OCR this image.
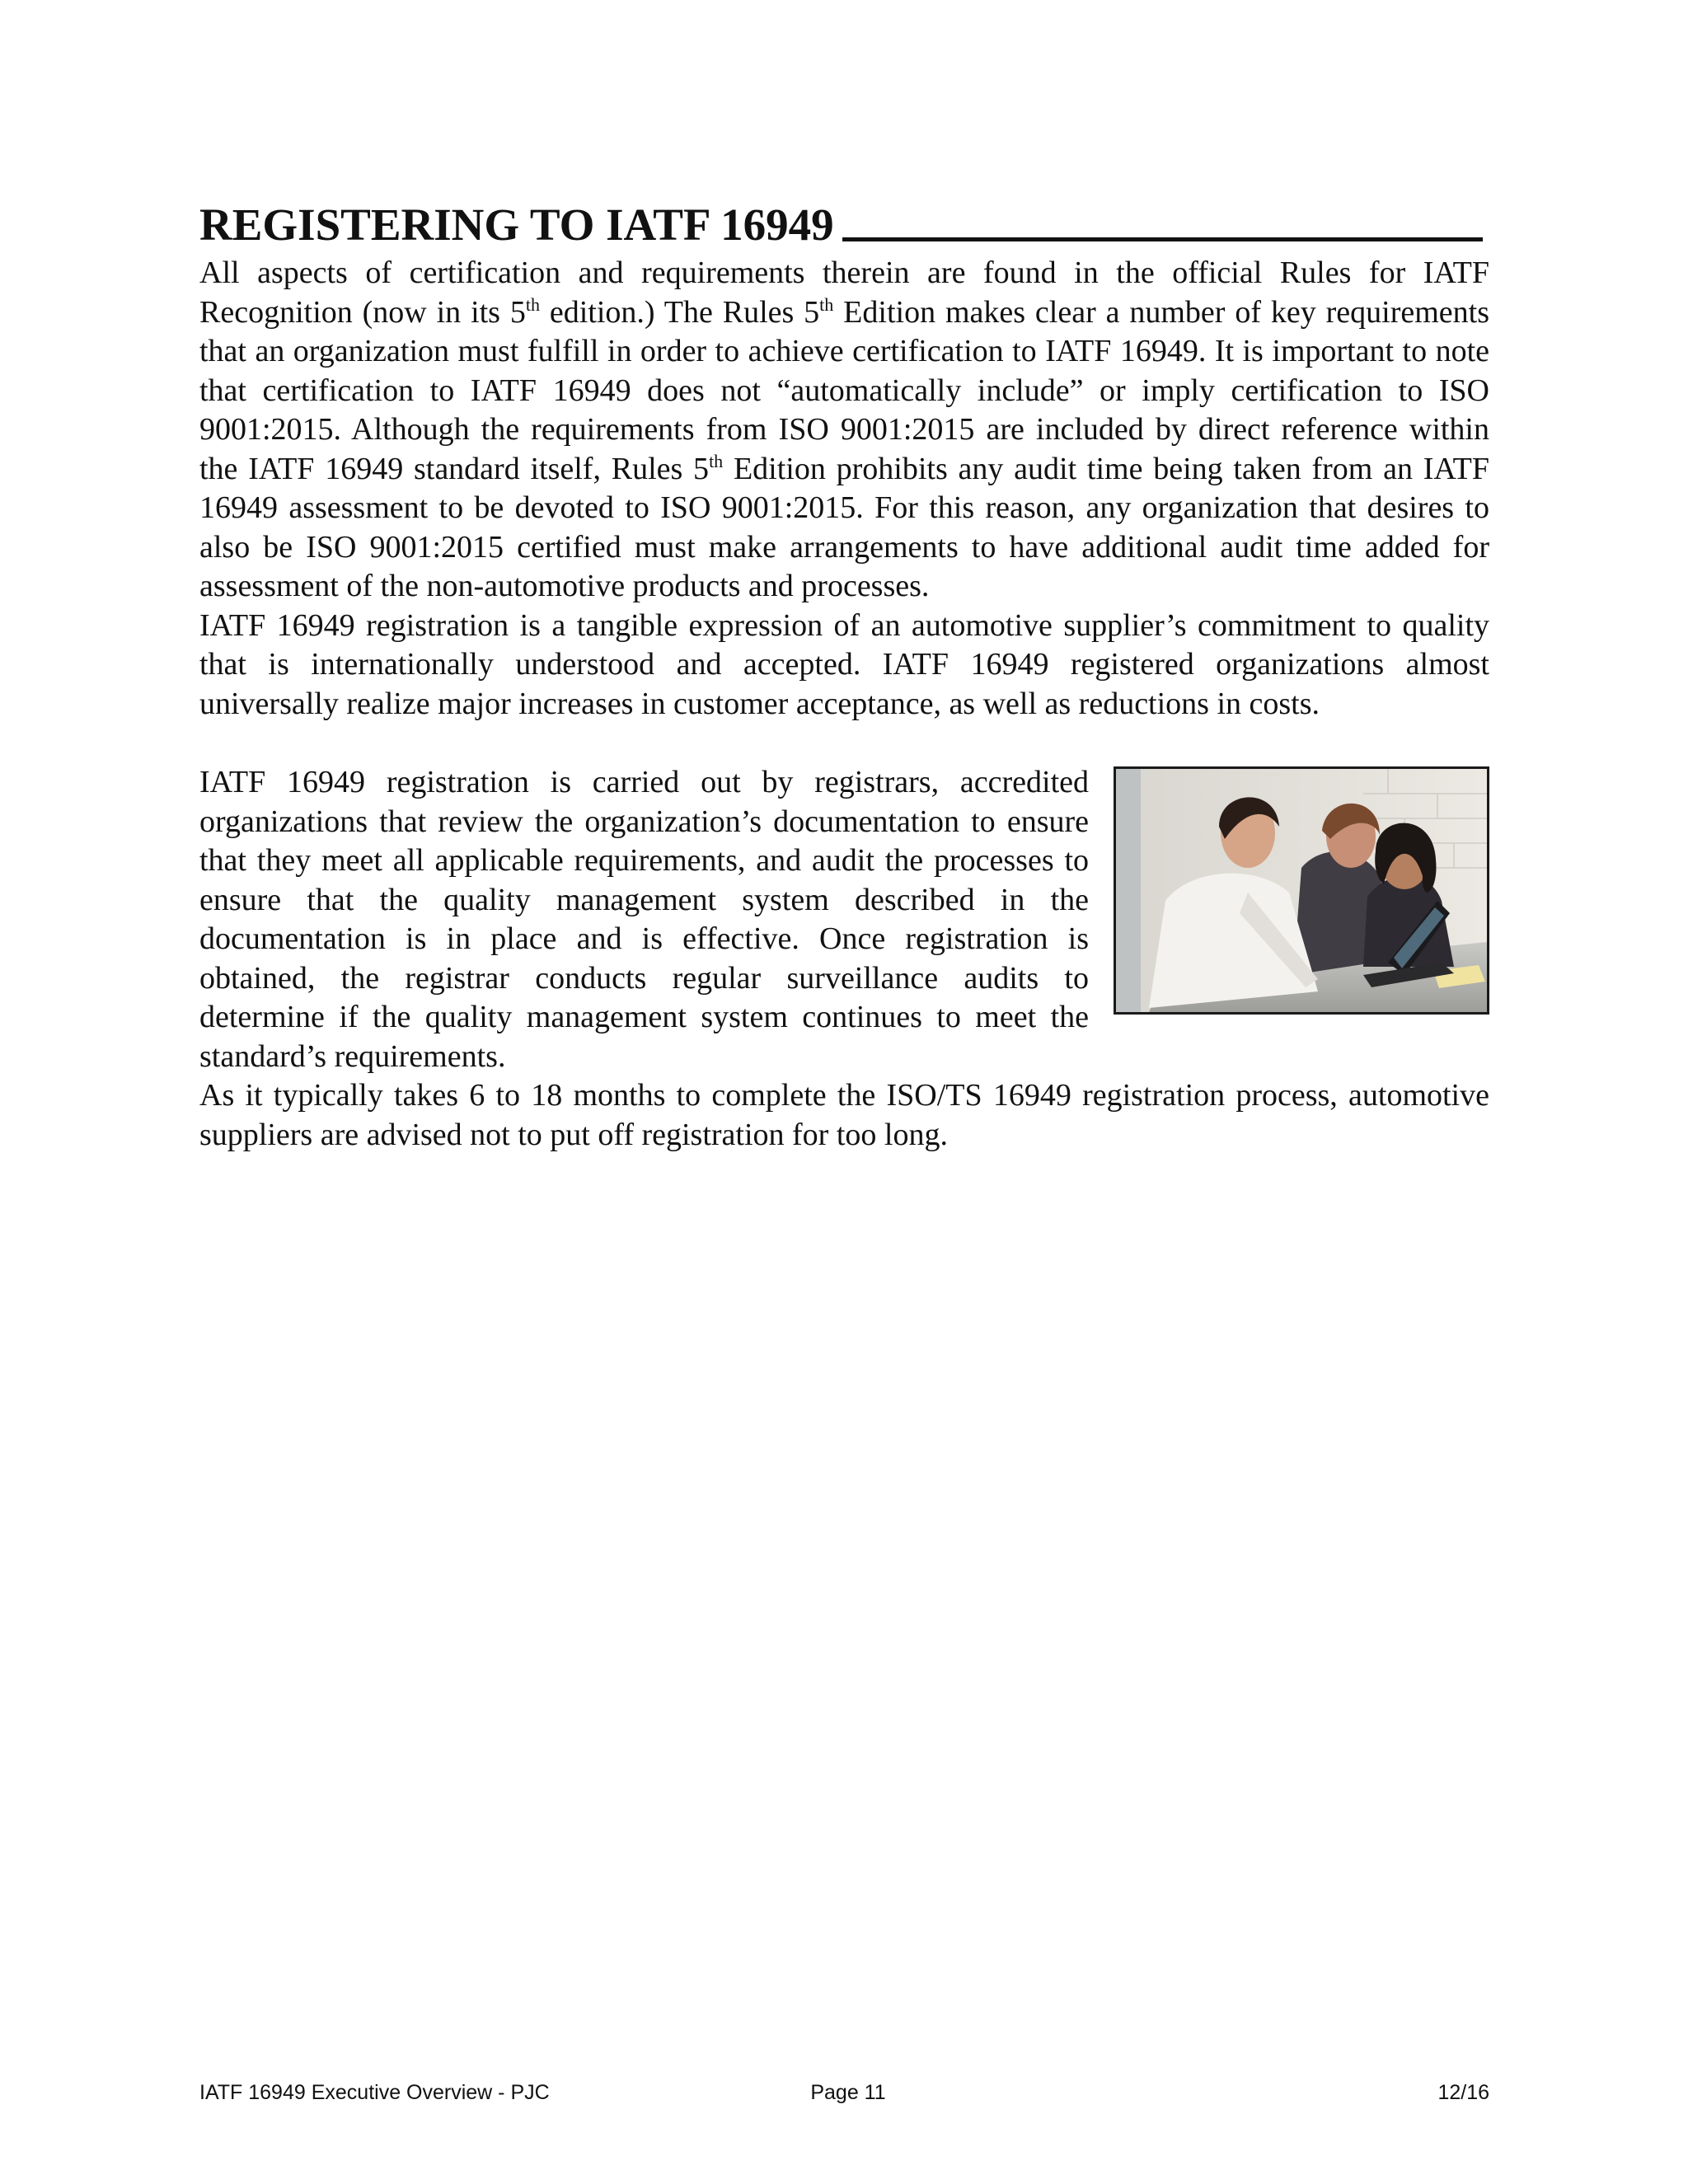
REGISTERING TO IATF 16949

All aspects of certification and requirements therein are found in the official Rules for IATF Recognition (now in its 5th edition.) The Rules 5th Edition makes clear a number of key requirements that an organization must fulfill in order to achieve certification to IATF 16949. It is important to note that certification to IATF 16949 does not “automatically include” or imply certification to ISO 9001:2015. Although the requirements from ISO 9001:2015 are included by direct reference within the IATF 16949 standard itself, Rules 5th Edition prohibits any audit time being taken from an IATF 16949 assessment to be devoted to ISO 9001:2015. For this reason, any organization that desires to also be ISO 9001:2015 certified must make arrangements to have additional audit time added for assessment of the non-automotive products and processes.

IATF 16949 registration is a tangible expression of an automotive supplier’s commitment to quality that is internationally understood and accepted. IATF 16949 registered organizations almost universally realize major increases in customer acceptance, as well as reductions in costs.

IATF 16949 registration is carried out by registrars, accredited organizations that review the organization’s documentation to ensure that they meet all applicable requirements, and audit the processes to ensure that the quality management system described in the documentation is in place and is effective. Once registration is obtained, the registrar conducts regular surveillance audits to determine if the quality management system continues to meet the standard’s requirements.

As it typically takes 6 to 18 months to complete the ISO/TS 16949 registration process, automotive suppliers are advised not to put off registration for too long.

IATF 16949 Executive Overview - PJC	Page 11	12/16
